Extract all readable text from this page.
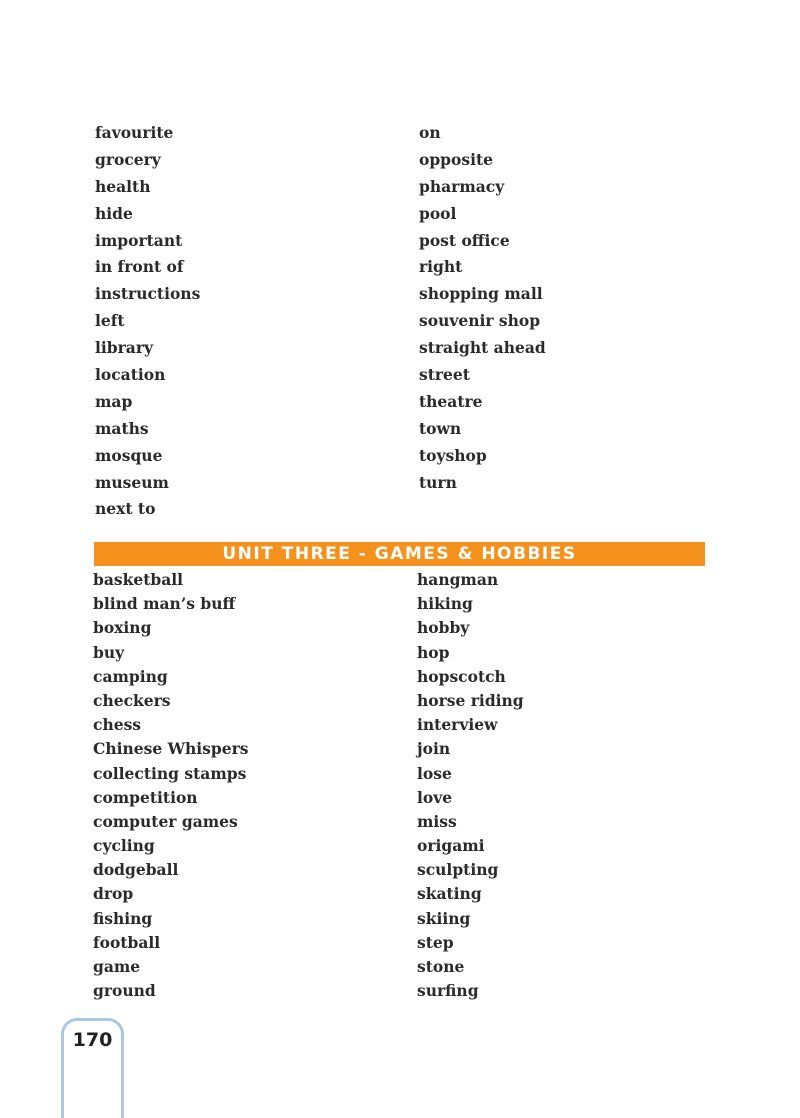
favourite
grocery
health
hide
important
in front of
instructions
left
library
location
map
maths
mosque
museum
next to
on
opposite
pharmacy
pool
post office
right
shopping mall
souvenir shop
straight ahead
street
theatre
town
toyshop
turn
UNIT THREE - GAMES & HOBBIES
basketball
blind man’s buff
boxing
buy
camping
checkers
chess
Chinese Whispers
collecting stamps
competition
computer games
cycling
dodgeball
drop
fishing
football
game
ground
hangman
hiking
hobby
hop
hopscotch
horse riding
interview
join
lose
love
miss
origami
sculpting
skating
skiing
step
stone
surfing
170
